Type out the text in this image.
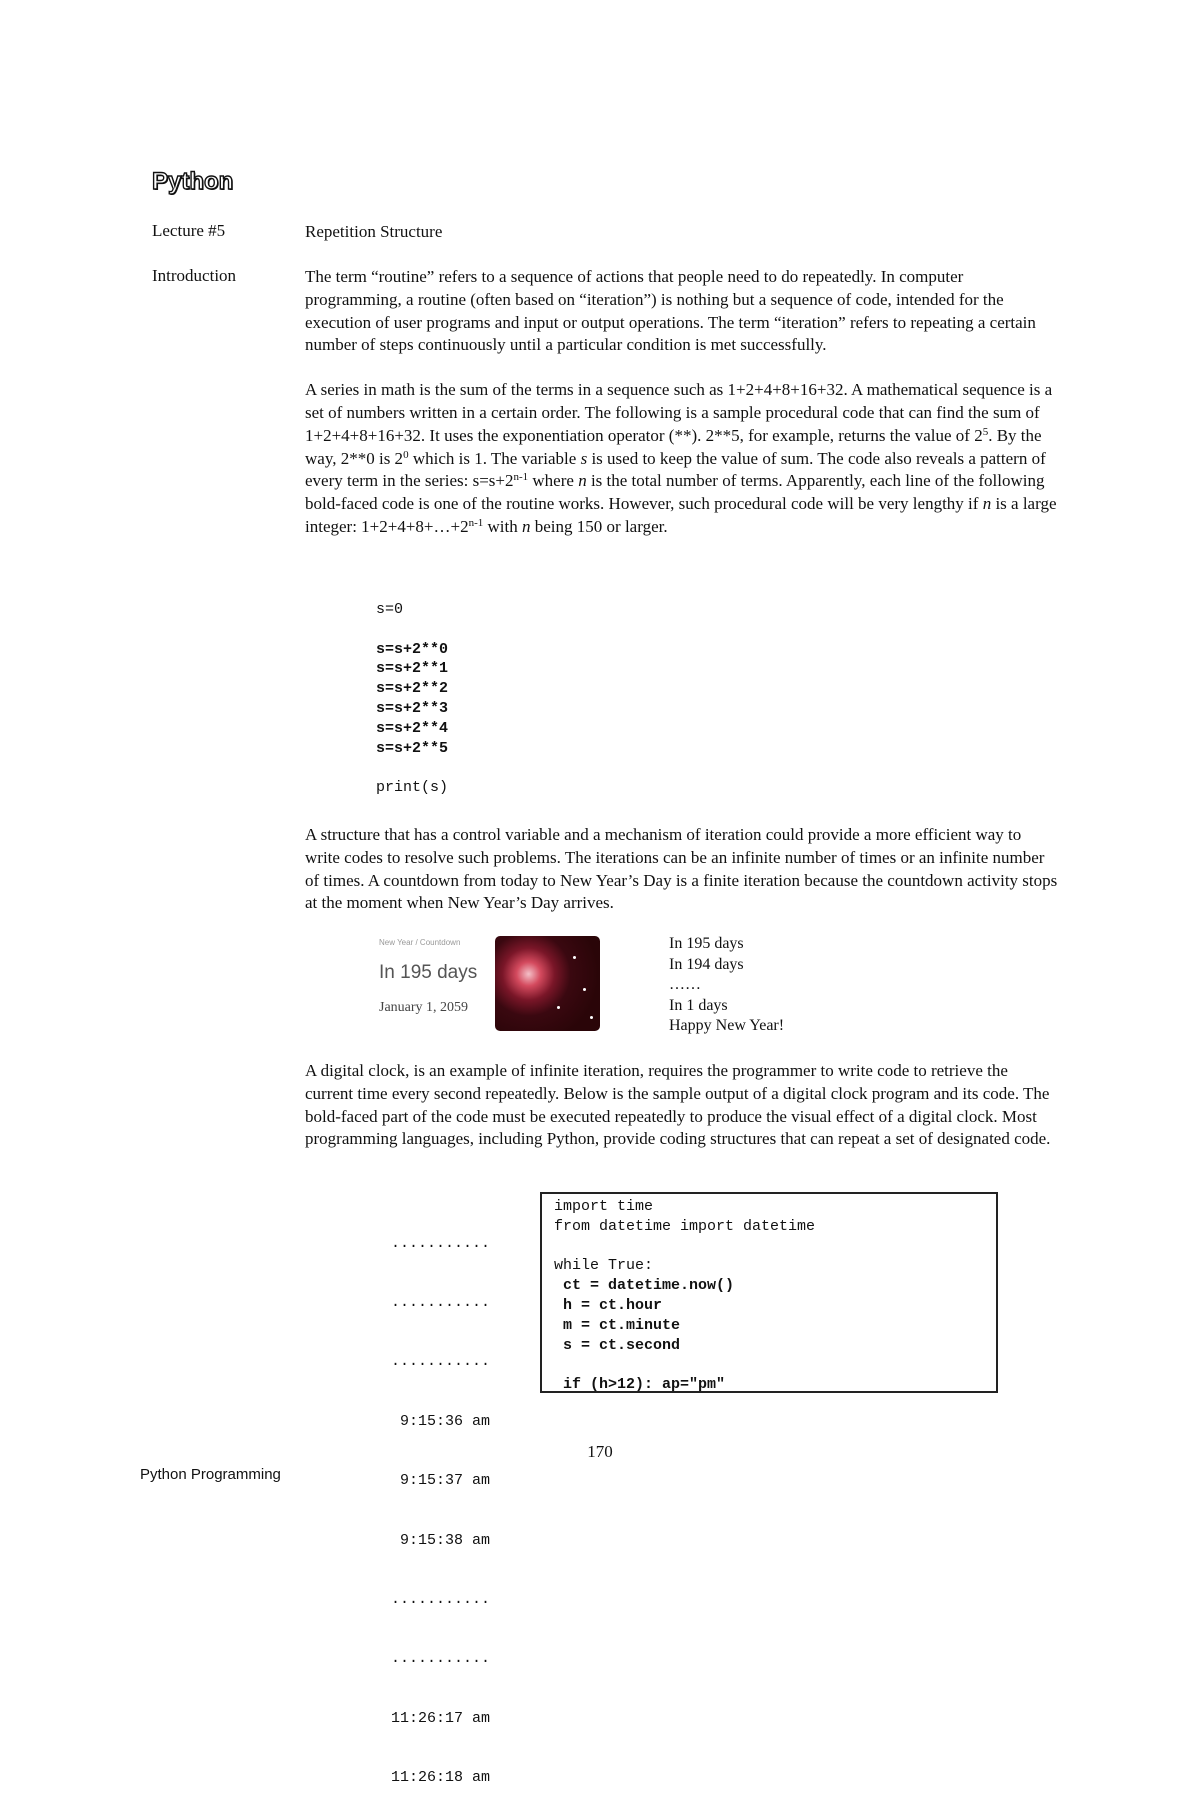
Python
Lecture #5	Repetition Structure
Introduction	The term “routine” refers to a sequence of actions that people need to do repeatedly. In computer programming, a routine (often based on “iteration”) is nothing but a sequence of code, intended for the execution of user programs and input or output operations. The term “iteration” refers to repeating a certain number of steps continuously until a particular condition is met successfully.

A series in math is the sum of the terms in a sequence such as 1+2+4+8+16+32. A mathematical sequence is a set of numbers written in a certain order. The following is a sample procedural code that can find the sum of 1+2+4+8+16+32. It uses the exponentiation operator (**). 2**5, for example, returns the value of $2^5$. By the way, 2**0 is $2^0$ which is 1. The variable s is used to keep the value of sum. The code also reveals a pattern of every term in the series: $s=s+2^{n-1}$ where n is the total number of terms. Apparently, each line of the following bold-faced code is one of the routine works. However, such procedural code will be very lengthy if n is a large integer: $1+2+4+8+\dots+2^{n-1}$ with n being 150 or larger.

s=0

s=s+2**0
s=s+2**1
s=s+2**2
s=s+2**3
s=s+2**4
s=s+2**5

print(s)
A structure that has a control variable and a mechanism of iteration could provide a more efficient way to write codes to resolve such problems. The iterations can be an infinite number of times or an infinite number of times. A countdown from today to New Year’s Day is a finite iteration because the countdown activity stops at the moment when New Year’s Day arrives.
New Year / Countdown
In 195 days
January 1, 2059
In 195 days
In 194 days
……
In 1 days
Happy New Year!
A digital clock, is an example of infinite iteration, requires the programmer to write code to retrieve the current time every second repeatedly. Below is the sample output of a digital clock program and its code. The bold-faced part of the code must be executed repeatedly to produce the visual effect of a digital clock. Most programming languages, including Python, provide coding structures that can repeat a set of designated code.

...........

...........

...........

9:15:36 am

9:15:37 am

9:15:38 am

...........

...........

11:26:17 am

11:26:18 am

import time
from datetime import datetime

while True:
ct = datetime.now()
h = ct.hour
m = ct.minute
s = ct.second

if (h>12): ap="pm"
170
Python Programming
